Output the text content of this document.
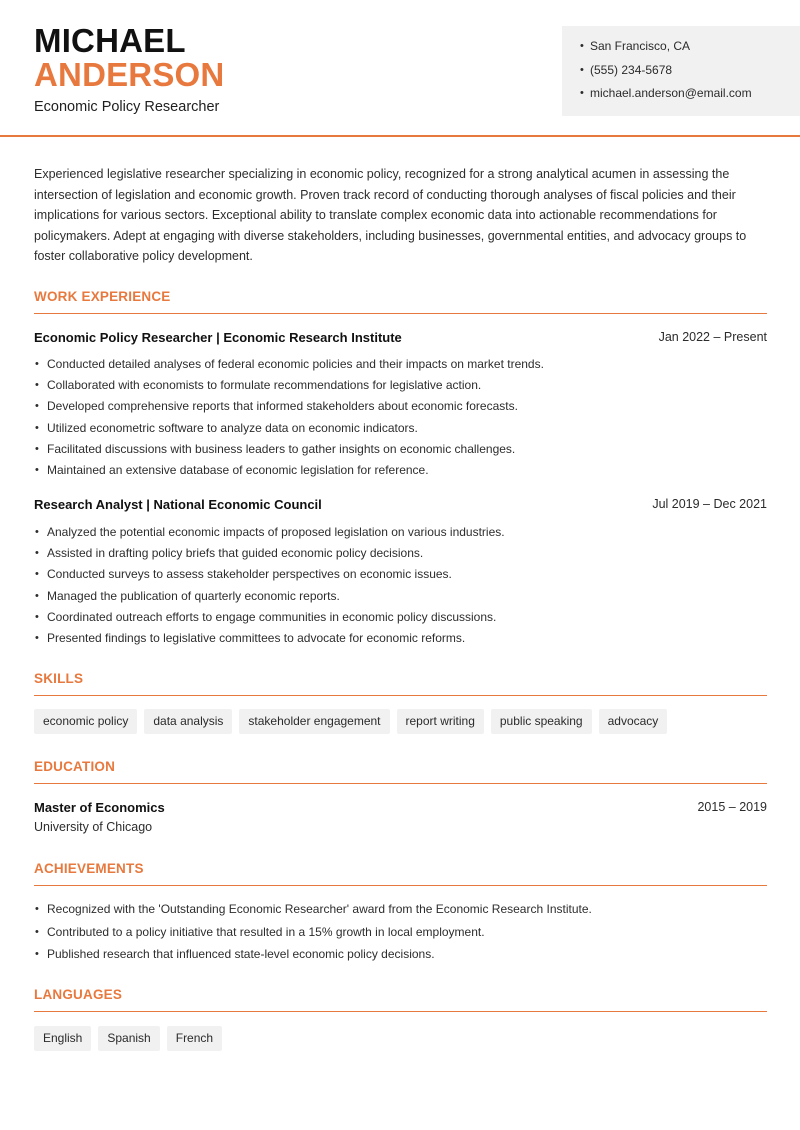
MICHAEL
ANDERSON
Economic Policy Researcher
• San Francisco, CA
• (555) 234-5678
• michael.anderson@email.com
Experienced legislative researcher specializing in economic policy, recognized for a strong analytical acumen in assessing the intersection of legislation and economic growth. Proven track record of conducting thorough analyses of fiscal policies and their implications for various sectors. Exceptional ability to translate complex economic data into actionable recommendations for policymakers. Adept at engaging with diverse stakeholders, including businesses, governmental entities, and advocacy groups to foster collaborative policy development.
WORK EXPERIENCE
Economic Policy Researcher | Economic Research Institute	Jan 2022 – Present
• Conducted detailed analyses of federal economic policies and their impacts on market trends.
• Collaborated with economists to formulate recommendations for legislative action.
• Developed comprehensive reports that informed stakeholders about economic forecasts.
• Utilized econometric software to analyze data on economic indicators.
• Facilitated discussions with business leaders to gather insights on economic challenges.
• Maintained an extensive database of economic legislation for reference.
Research Analyst | National Economic Council	Jul 2019 – Dec 2021
• Analyzed the potential economic impacts of proposed legislation on various industries.
• Assisted in drafting policy briefs that guided economic policy decisions.
• Conducted surveys to assess stakeholder perspectives on economic issues.
• Managed the publication of quarterly economic reports.
• Coordinated outreach efforts to engage communities in economic policy discussions.
• Presented findings to legislative committees to advocate for economic reforms.
SKILLS
economic policy	data analysis	stakeholder engagement	report writing	public speaking	advocacy
EDUCATION
Master of Economics	2015 – 2019
University of Chicago
ACHIEVEMENTS
• Recognized with the 'Outstanding Economic Researcher' award from the Economic Research Institute.
• Contributed to a policy initiative that resulted in a 15% growth in local employment.
• Published research that influenced state-level economic policy decisions.
LANGUAGES
English	Spanish	French
